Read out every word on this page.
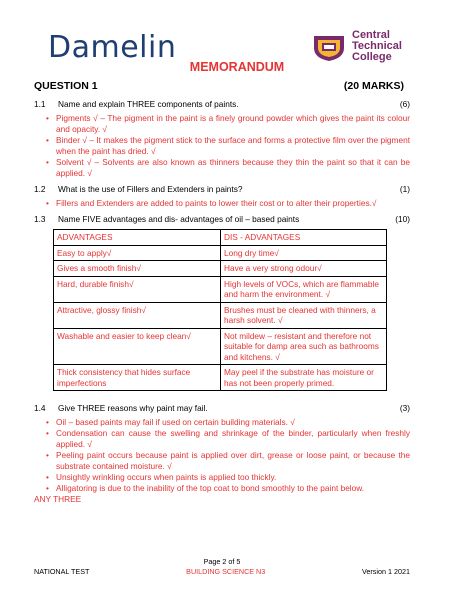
Damelin	Central
Technical
College
MEMORANDUM
QUESTION 1	(20 MARKS)
1.1	Name and explain THREE components of paints.	(6)
• Pigments √ – The pigment in the paint is a finely ground powder which gives the paint its colour and opacity. √
• Binder √ – It makes the pigment stick to the surface and forms a protective film over the pigment when the paint has dried. √
• Solvent √ – Solvents are also known as thinners because they thin the paint so that it can be applied. √
1.2	What is the use of Fillers and Extenders in paints?	(1)
• Fillers and Extenders are added to paints to lower their cost or to alter their properties.√
1.3	Name FIVE advantages and dis- advantages of oil – based paints	(10)
ADVANTAGES	DIS - ADVANTAGES
Easy to apply√	Long dry time√
Gives a smooth finish√	Have a very strong odour√
Hard, durable finish√	High levels of VOCs, which are flammable and harm the environment. √
Attractive, glossy finish√	Brushes must be cleaned with thinners, a harsh solvent. √
Washable and easier to keep clean√	Not mildew – resistant and therefore not suitable for damp area such as bathrooms and kitchens. √
Thick consistency that hides surface imperfections	May peel if the substrate has moisture or has not been properly primed.
1.4	Give THREE reasons why paint may fail.	(3)
• Oil – based paints may fail if used on certain building materials. √
• Condensation can cause the swelling and shrinkage of the binder, particularly when freshly applied. √
• Peeling paint occurs because paint is applied over dirt, grease or loose paint, or because the substrate contained moisture. √
• Unsightly wrinkling occurs when paints is applied too thickly.
• Alligatoring is due to the inability of the top coat to bond smoothly to the paint below.
ANY THREE
Page 2 of 5
NATIONAL TEST	BUILDING SCIENCE N3	Version 1 2021
